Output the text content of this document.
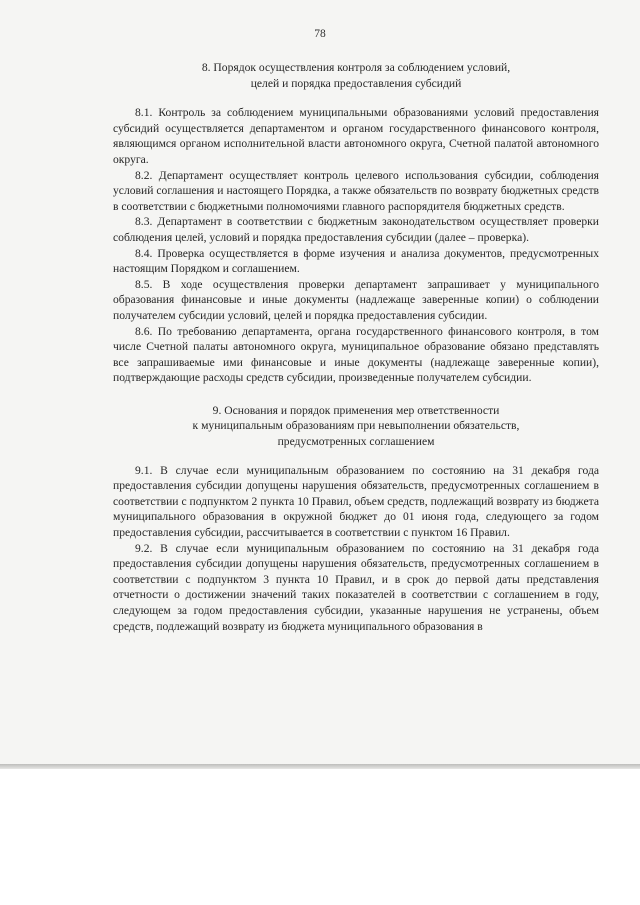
78
8. Порядок осуществления контроля за соблюдением условий,
целей и порядка предоставления субсидий

8.1. Контроль за соблюдением муниципальными образованиями условий предоставления субсидий осуществляется департаментом и органом государственного финансового контроля, являющимся органом исполнительной власти автономного округа, Счетной палатой автономного округа.

8.2. Департамент осуществляет контроль целевого использования субсидии, соблюдения условий соглашения и настоящего Порядка, а также обязательств по возврату бюджетных средств в соответствии с бюджетными полномочиями главного распорядителя бюджетных средств.

8.3. Департамент в соответствии с бюджетным законодательством осуществляет проверки соблюдения целей, условий и порядка предоставления субсидии (далее – проверка).

8.4. Проверка осуществляется в форме изучения и анализа документов, предусмотренных настоящим Порядком и соглашением.

8.5. В ходе осуществления проверки департамент запрашивает у муниципального образования финансовые и иные документы (надлежаще заверенные копии) о соблюдении получателем субсидии условий, целей и порядка предоставления субсидии.

8.6. По требованию департамента, органа государственного финансового контроля, в том числе Счетной палаты автономного округа, муниципальное образование обязано представлять все запрашиваемые ими финансовые и иные документы (надлежаще заверенные копии), подтверждающие расходы средств субсидии, произведенные получателем субсидии.

9. Основания и порядок применения мер ответственности
к муниципальным образованиям при невыполнении обязательств,
предусмотренных соглашением

9.1. В случае если муниципальным образованием по состоянию на 31 декабря года предоставления субсидии допущены нарушения обязательств, предусмотренных соглашением в соответствии с подпунктом 2 пункта 10 Правил, объем средств, подлежащий возврату из бюджета муниципального образования в окружной бюджет до 01 июня года, следующего за годом предоставления субсидии, рассчитывается в соответствии с пунктом 16 Правил.

9.2. В случае если муниципальным образованием по состоянию на 31 декабря года предоставления субсидии допущены нарушения обязательств, предусмотренных соглашением в соответствии с подпунктом 3 пункта 10 Правил, и в срок до первой даты представления отчетности о достижении значений таких показателей в соответствии с соглашением в году, следующем за годом предоставления субсидии, указанные нарушения не устранены, объем средств, подлежащий возврату из бюджета муниципального образования в
